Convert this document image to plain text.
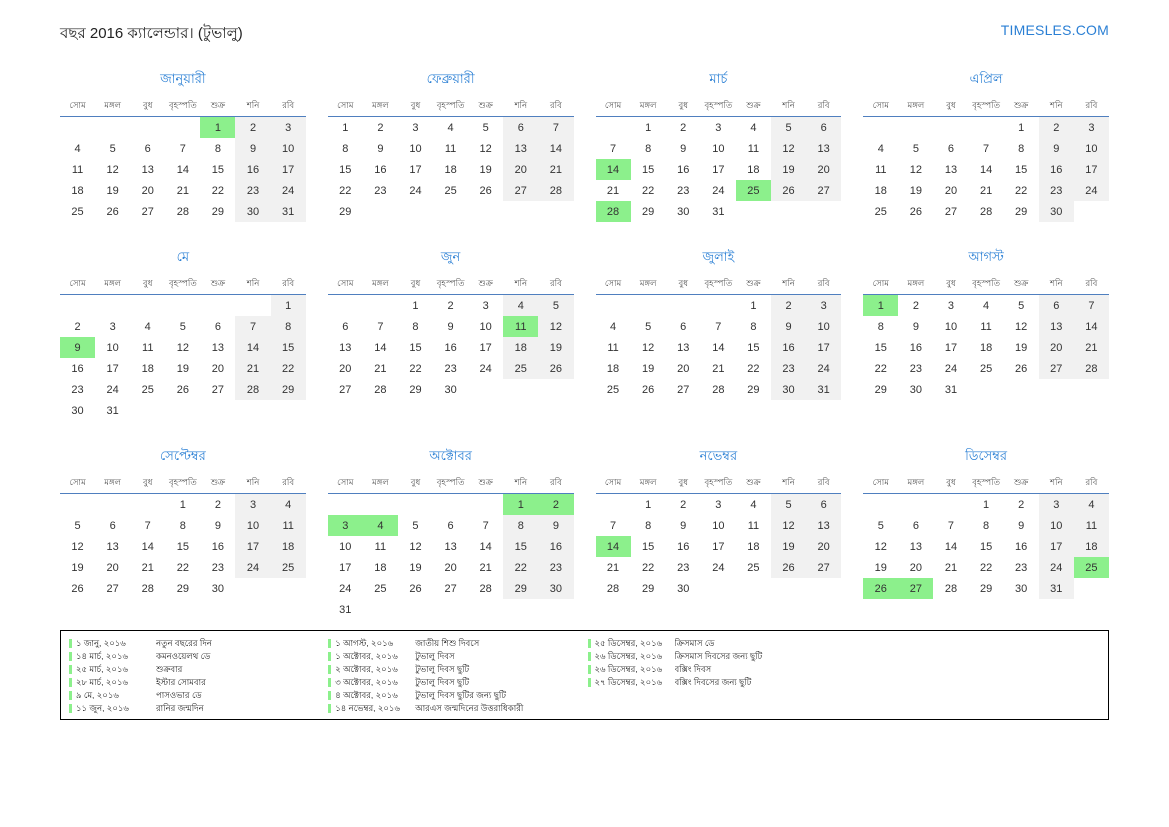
বছর 2016 ক্যালেন্ডার। (টুভালু)	TIMESLES.COM
জানুয়ারী
সোম	মঙ্গল	বুধ	বৃহস্পতি	শুক্র	শনি	রবি
				1	2	3
4	5	6	7	8	9	10
11	12	13	14	15	16	17
18	19	20	21	22	23	24
25	26	27	28	29	30	31
ফেব্রুয়ারী
সোম	মঙ্গল	বুধ	বৃহস্পতি	শুক্র	শনি	রবি
1	2	3	4	5	6	7
8	9	10	11	12	13	14
15	16	17	18	19	20	21
22	23	24	25	26	27	28
29						
মার্চ
সোম	মঙ্গল	বুধ	বৃহস্পতি	শুক্র	শনি	রবি
	1	2	3	4	5	6
7	8	9	10	11	12	13
14	15	16	17	18	19	20
21	22	23	24	25	26	27
28	29	30	31			
এপ্রিল
সোম	মঙ্গল	বুধ	বৃহস্পতি	শুক্র	শনি	রবি
				1	2	3
4	5	6	7	8	9	10
11	12	13	14	15	16	17
18	19	20	21	22	23	24
25	26	27	28	29	30	
মে
সোম	মঙ্গল	বুধ	বৃহস্পতি	শুক্র	শনি	রবি
						1
2	3	4	5	6	7	8
9	10	11	12	13	14	15
16	17	18	19	20	21	22
23	24	25	26	27	28	29
30	31					
জুন
সোম	মঙ্গল	বুধ	বৃহস্পতি	শুক্র	শনি	রবি
		1	2	3	4	5
6	7	8	9	10	11	12
13	14	15	16	17	18	19
20	21	22	23	24	25	26
27	28	29	30			
জুলাই
সোম	মঙ্গল	বুধ	বৃহস্পতি	শুক্র	শনি	রবি
				1	2	3
4	5	6	7	8	9	10
11	12	13	14	15	16	17
18	19	20	21	22	23	24
25	26	27	28	29	30	31
আগস্ট
সোম	মঙ্গল	বুধ	বৃহস্পতি	শুক্র	শনি	রবি
1	2	3	4	5	6	7
8	9	10	11	12	13	14
15	16	17	18	19	20	21
22	23	24	25	26	27	28
29	30	31				
সেপ্টেম্বর
সোম	মঙ্গল	বুধ	বৃহস্পতি	শুক্র	শনি	রবি
			1	2	3	4
5	6	7	8	9	10	11
12	13	14	15	16	17	18
19	20	21	22	23	24	25
26	27	28	29	30		
অক্টোবর
সোম	মঙ্গল	বুধ	বৃহস্পতি	শুক্র	শনি	রবি
					1	2
3	4	5	6	7	8	9
10	11	12	13	14	15	16
17	18	19	20	21	22	23
24	25	26	27	28	29	30
31						
নভেম্বর
সোম	মঙ্গল	বুধ	বৃহস্পতি	শুক্র	শনি	রবি
	1	2	3	4	5	6
7	8	9	10	11	12	13
14	15	16	17	18	19	20
21	22	23	24	25	26	27
28	29	30				
ডিসেম্বর
সোম	মঙ্গল	বুধ	বৃহস্পতি	শুক্র	শনি	রবি
			1	2	3	4
5	6	7	8	9	10	11
12	13	14	15	16	17	18
19	20	21	22	23	24	25
26	27	28	29	30	31	
১ জানু, ২০১৬	নতুন বছরের দিন
১৪ মার্চ, ২০১৬	কমনওয়েলথ ডে
২৫ মার্চ, ২০১৬	শুক্রবার
২৮ মার্চ, ২০১৬	ইস্টার সোমবার
৯ মে, ২০১৬	পাসওভার ডে
১১ জুন, ২০১৬	রানির জন্মদিন
১ আগস্ট, ২০১৬	জাতীয় শিশু দিবসে
১ অক্টোবর, ২০১৬	টুভালু দিবস
২ অক্টোবর, ২০১৬	টুভালু দিবস ছুটি
৩ অক্টোবর, ২০১৬	টুভালু দিবস ছুটি
৪ অক্টোবর, ২০১৬	টুভালু দিবস ছুটির জন্য ছুটি
১৪ নভেম্বর, ২০১৬	আরএস জন্মদিনের উত্তরাধিকারী
২৫ ডিসেম্বর, ২০১৬	ক্রিসমাস ডে
২৬ ডিসেম্বর, ২০১৬	ক্রিসমাস দিবসের জন্য ছুটি
২৬ ডিসেম্বর, ২০১৬	বক্সিং দিবস
২৭ ডিসেম্বর, ২০১৬	বক্সিং দিবসের জন্য ছুটি
